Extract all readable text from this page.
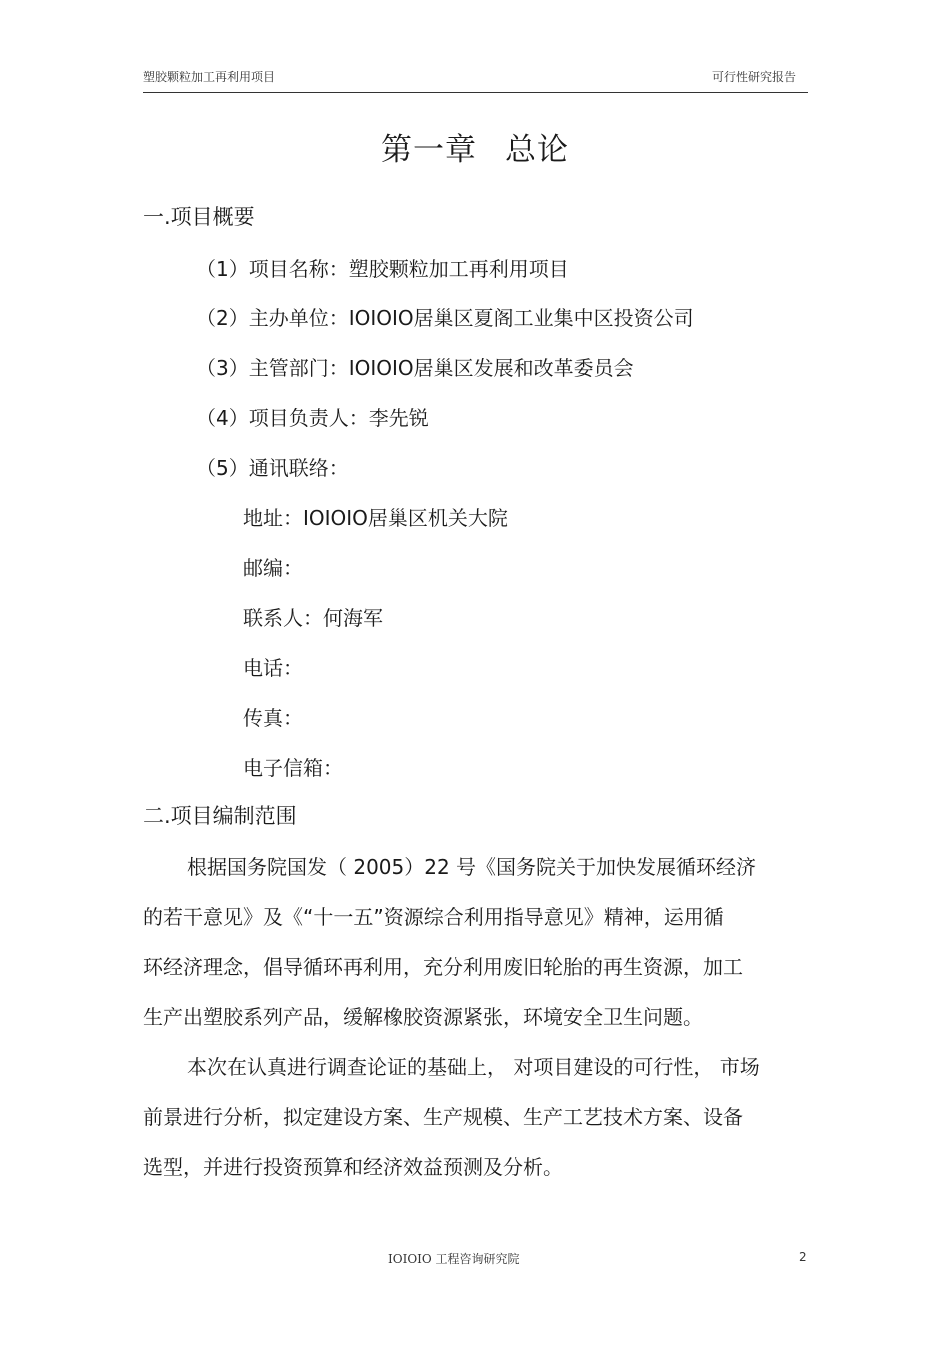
塑胶颗粒加工再利用项目	可行性研究报告
第一章 总论
一.项目概要
（1）项目名称：塑胶颗粒加工再利用项目
（2）主办单位：IOIOIO居巢区夏阁工业集中区投资公司
（3）主管部门：IOIOIO居巢区发展和改革委员会
（4）项目负责人：李先锐
（5）通讯联络：
地址：IOIOIO居巢区机关大院
邮编：
联系人：何海军
电话：
传真：
电子信箱：
二.项目编制范围
根据国务院国发（ 2005）22 号《国务院关于加快发展循环经济
的若干意见》及《“十一五”资源综合利用指导意见》精神，运用循
环经济理念，倡导循环再利用，充分利用废旧轮胎的再生资源，加工
生产出塑胶系列产品，缓解橡胶资源紧张，环境安全卫生问题。
本次在认真进行调查论证的基础上， 对项目建设的可行性， 市场
前景进行分析，拟定建设方案、生产规模、生产工艺技术方案、设备
选型，并进行投资预算和经济效益预测及分析。
IOIOIO 工程咨询研究院	2
